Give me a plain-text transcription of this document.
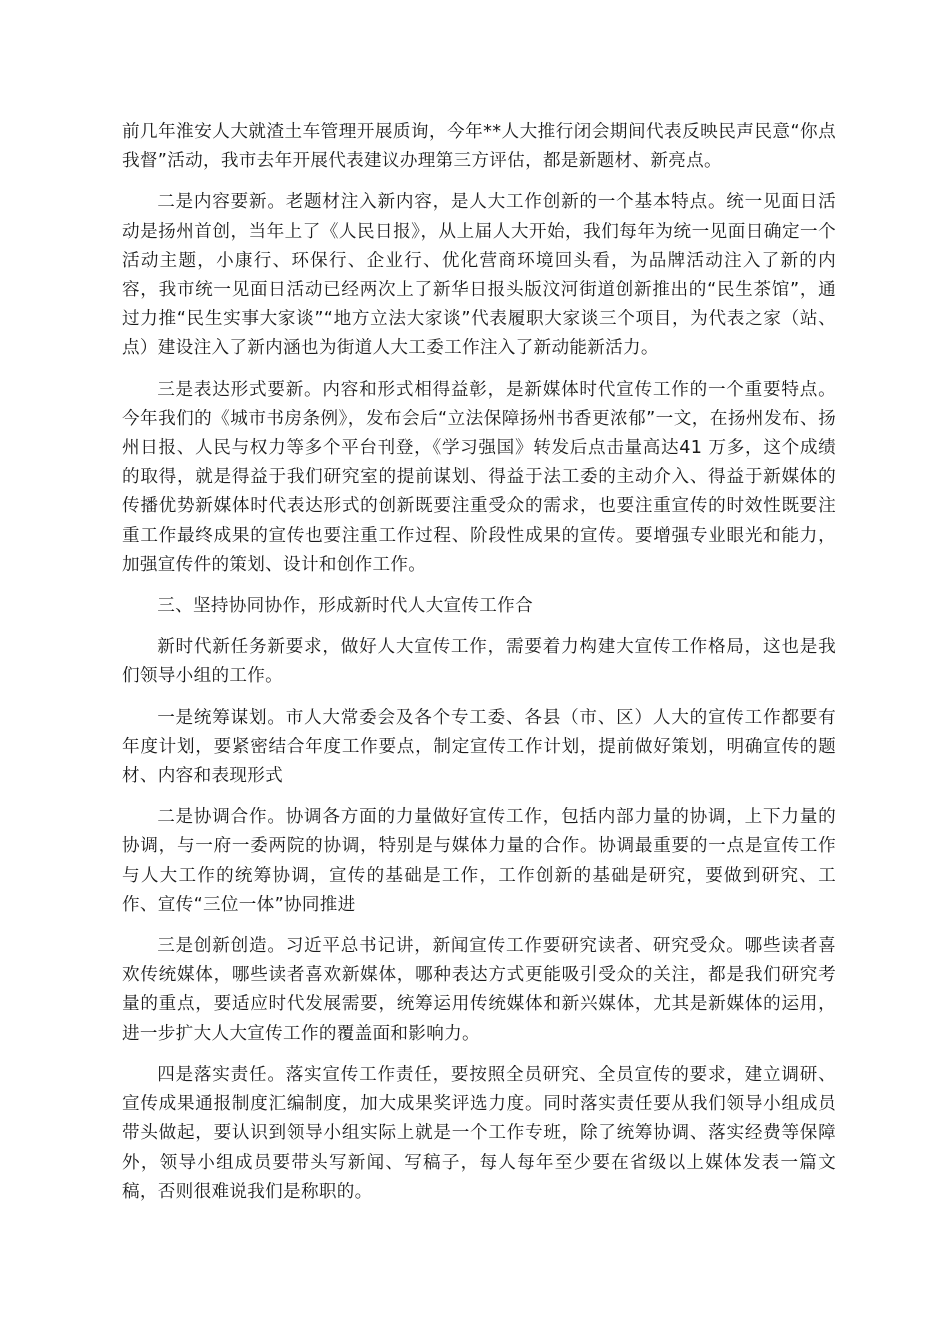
前几年淮安人大就渣土车管理开展质询，今年**人大推行闭会期间代表反映民声民意“你点我督”活动，我市去年开展代表建议办理第三方评估，都是新题材、新亮点。

二是内容要新。老题材注入新内容，是人大工作创新的一个基本特点。统一见面日活动是扬州首创，当年上了《人民日报》，从上届人大开始，我们每年为统一见面日确定一个活动主题，小康行、环保行、企业行、优化营商环境回头看，为品牌活动注入了新的内容，我市统一见面日活动已经两次上了新华日报头版汶河街道创新推出的“民生茶馆”，通过力推“民生实事大家谈”“地方立法大家谈”代表履职大家谈三个项目，为代表之家（站、点）建设注入了新内涵也为街道人大工委工作注入了新动能新活力。

三是表达形式要新。内容和形式相得益彰，是新媒体时代宣传工作的一个重要特点。今年我们的《城市书房条例》，发布会后“立法保障扬州书香更浓郁”一文，在扬州发布、扬州日报、人民与权力等多个平台刊登，《学习强国》转发后点击量高达41 万多，这个成绩的取得，就是得益于我们研究室的提前谋划、得益于法工委的主动介入、得益于新媒体的传播优势新媒体时代表达形式的创新既要注重受众的需求，也要注重宣传的时效性既要注重工作最终成果的宣传也要注重工作过程、阶段性成果的宣传。要增强专业眼光和能力，加强宣传件的策划、设计和创作工作。

三、坚持协同协作，形成新时代人大宣传工作合

新时代新任务新要求，做好人大宣传工作，需要着力构建大宣传工作格局，这也是我们领导小组的工作。

一是统筹谋划。市人大常委会及各个专工委、各县（市、区）人大的宣传工作都要有年度计划，要紧密结合年度工作要点，制定宣传工作计划，提前做好策划，明确宣传的题材、内容和表现形式

二是协调合作。协调各方面的力量做好宣传工作，包括内部力量的协调，上下力量的协调，与一府一委两院的协调，特别是与媒体力量的合作。协调最重要的一点是宣传工作与人大工作的统筹协调，宣传的基础是工作，工作创新的基础是研究，要做到研究、工作、宣传“三位一体”协同推进

三是创新创造。习近平总书记讲，新闻宣传工作要研究读者、研究受众。哪些读者喜欢传统媒体，哪些读者喜欢新媒体，哪种表达方式更能吸引受众的关注，都是我们研究考量的重点，要适应时代发展需要，统筹运用传统媒体和新兴媒体，尤其是新媒体的运用，进一步扩大人大宣传工作的覆盖面和影响力。

四是落实责任。落实宣传工作责任，要按照全员研究、全员宣传的要求，建立调研、宣传成果通报制度汇编制度，加大成果奖评选力度。同时落实责任要从我们领导小组成员带头做起，要认识到领导小组实际上就是一个工作专班，除了统筹协调、落实经费等保障外，领导小组成员要带头写新闻、写稿子，每人每年至少要在省级以上媒体发表一篇文稿，否则很难说我们是称职的。
